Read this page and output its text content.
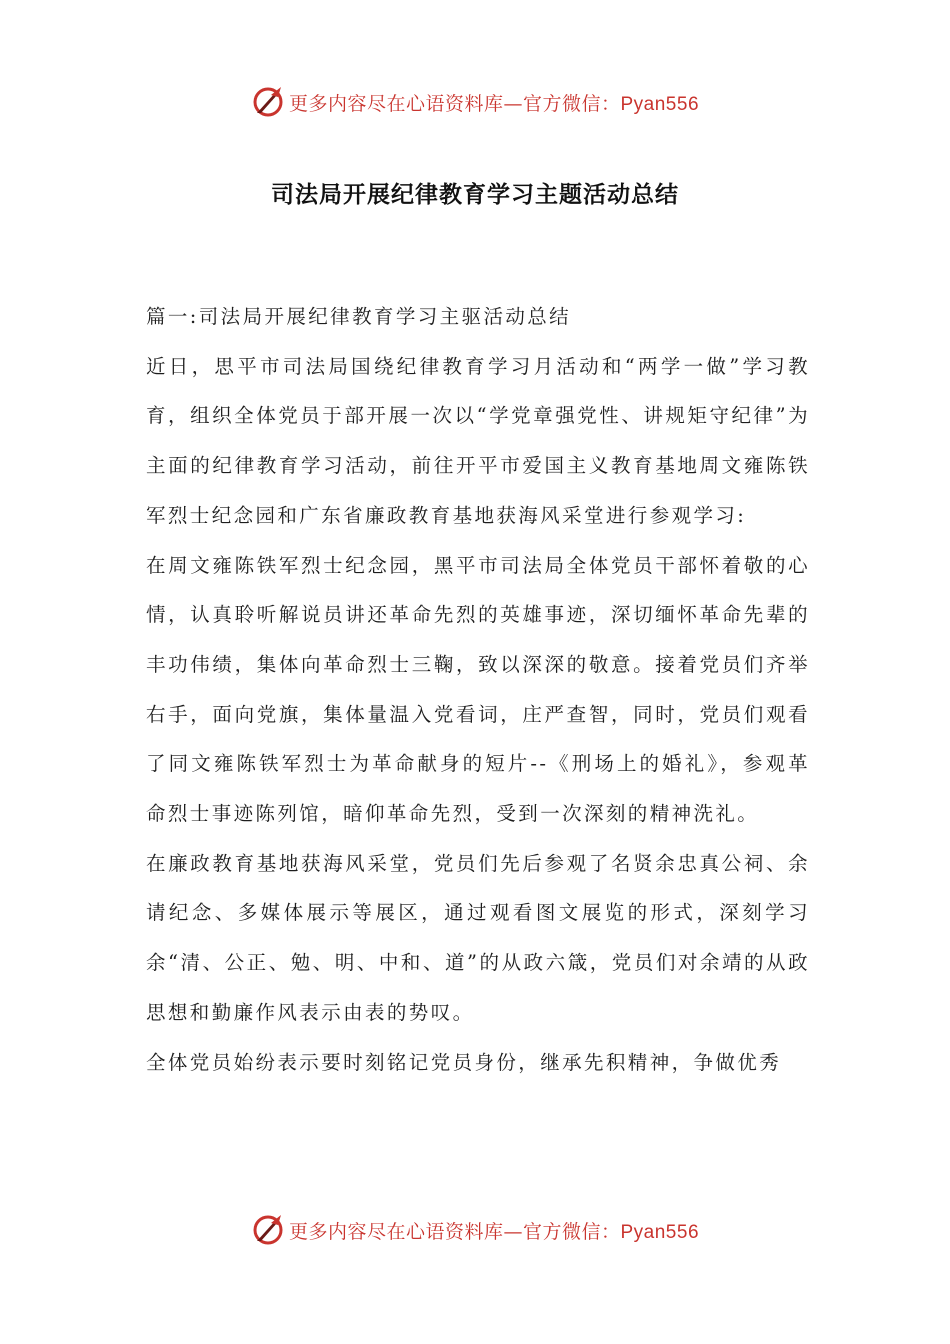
更多内容尽在心语资料库—官方微信：Pyan556
司法局开展纪律教育学习主题活动总结

篇一:司法局开展纪律教育学习主驱活动总结

近日，思平市司法局国绕纪律教育学习月活动和“两学一做”学习教育，组织全体党员于部开展一次以“学党章强党性、讲规矩守纪律”为主面的纪律教育学习活动，前往开平市爱国主义教育基地周文雍陈铁军烈士纪念园和广东省廉政教育基地获海风采堂进行参观学习:

在周文雍陈铁军烈士纪念园，黑平市司法局全体党员干部怀着敬的心情，认真聆听解说员讲还革命先烈的英雄事迹，深切缅怀革命先辈的丰功伟绩，集体向革命烈士三鞠，致以深深的敬意。接着党员们齐举右手，面向党旗，集体量温入党看词，庄严查智，同时，党员们观看了同文雍陈铁军烈士为革命献身的短片--《刑场上的婚礼》，参观革命烈士事迹陈列馆，暗仰革命先烈，受到一次深刻的精神洗礼。

在廉政教育基地获海风采堂，党员们先后参观了名贤余忠真公祠、余请纪念、多媒体展示等展区，通过观看图文展览的形式，深刻学习余“清、公正、勉、明、中和、道”的从政六箴，党员们对余靖的从政思想和勤廉作风表示由表的势叹。

全体党员始纷表示要时刻铭记党员身份，继承先积精神，争做优秀

更多内容尽在心语资料库—官方微信：Pyan556
